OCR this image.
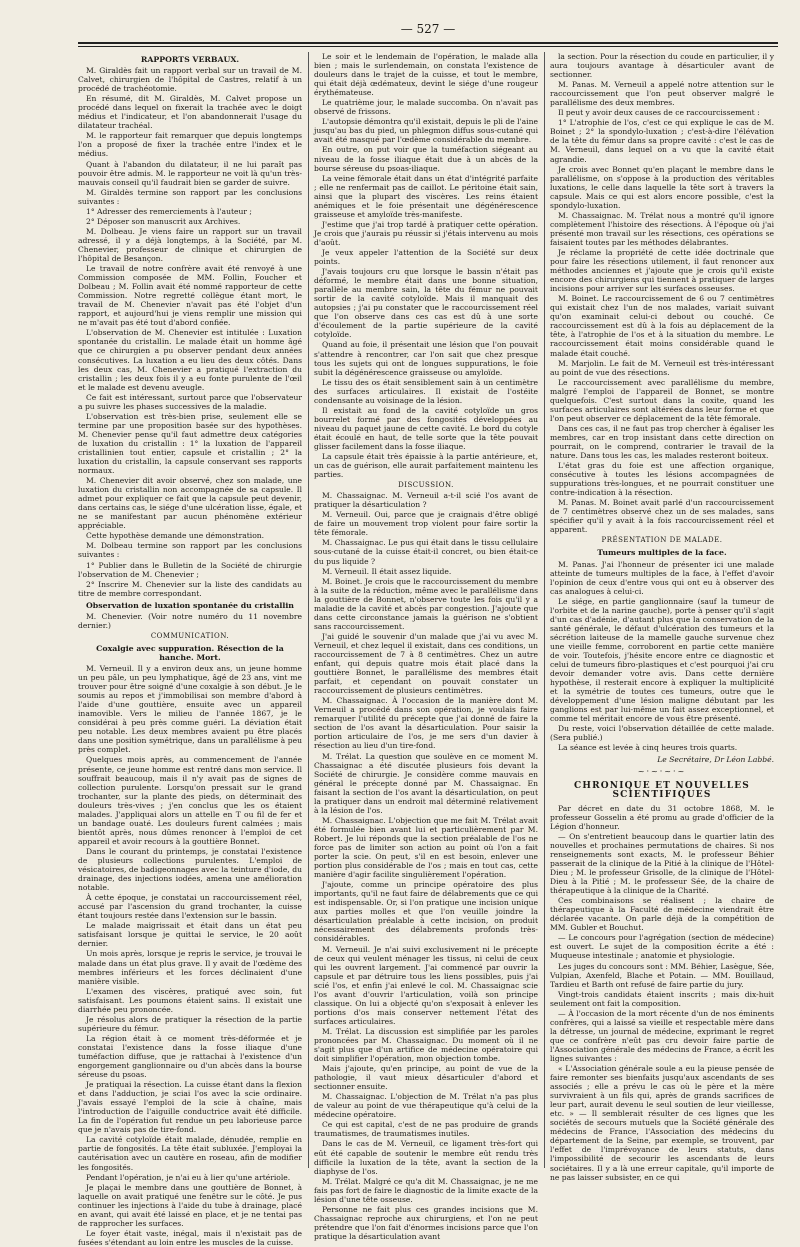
— 527 —
RAPPORTS VERBAUX.
M. Giraldès fait un rapport verbal sur un travail de M. Calvet, chirurgien de l'hôpital de Castres, relatif à un procédé de trachéotomie.
En résumé, dit M. Giraldès, M. Calvet propose un procédé dans lequel on fixerait la trachée avec le doigt médius et l'indicateur, et l'on abandonnerait l'usage du dilatateur trachéal.
M. le rapporteur fait remarquer que depuis longtemps l'on a proposé de fixer la trachée entre l'index et le médius.
Quant à l'abandon du dilatateur, il ne lui paraît pas pouvoir être admis. M. le rapporteur ne voit là qu'un très-mauvais conseil qu'il faudrait bien se garder de suivre.
M. Giraldès termine son rapport par les conclusions suivantes :
1° Adresser des remerciements à l'auteur ;
2° Déposer son manuscrit aux Archives.
M. Dolbeau. Je viens faire un rapport sur un travail adressé, il y a déjà longtemps, à la Société, par M. Chenevier, professeur de clinique et chirurgien de l'hôpital de Besançon.
Le travail de notre confrère avait été renvoyé à une Commission composée de MM. Follin, Foucher et Dolbeau ; M. Follin avait été nommé rapporteur de cette Commission. Notre regretté collègue étant mort, le travail de M. Chenevier n'avait pas été l'objet d'un rapport, et aujourd'hui je viens remplir une mission qui ne m'avait pas été tout d'abord confiée.
L'observation de M. Chenevier est intitulée : Luxation spontanée du cristallin. Le malade était un homme âgé que ce chirurgien a pu observer pendant deux années consécutives. La luxation a eu lieu des deux côtés. Dans les deux cas, M. Chenevier a pratiqué l'extraction du cristallin ; les deux fois il y a eu fonte purulente de l'œil et le malade est devenu aveugle.
Ce fait est intéressant, surtout parce que l'observateur a pu suivre les phases successives de la maladie.
L'observation est très-bien prise, seulement elle se termine par une proposition basée sur des hypothèses. M. Chenevier pense qu'il faut admettre deux catégories de luxation du cristallin : 1° la luxation de l'appareil cristallinien tout entier, capsule et cristallin ; 2° la luxation du cristallin, la capsule conservant ses rapports normaux.
M. Chenevier dit avoir observé, chez son malade, une luxation du cristallin non accompagnée de sa capsule. Il admet pour expliquer ce fait que la capsule peut devenir, dans certains cas, le siége d'une ulcération lisse, égale, et ne se manifestant par aucun phénomène extérieur appréciable.
Cette hypothèse demande une démonstration.
M. Dolbeau termine son rapport par les conclusions suivantes :
1° Publier dans le Bulletin de la Société de chirurgie l'observation de M. Chenevier ;
2° Inscrire M. Chenevier sur la liste des candidats au titre de membre correspondant.
Observation de luxation spontanée du cristallin
M. Chenevier. (Voir notre numéro du 11 novembre dernier.)
COMMUNICATION.
Coxalgie avec suppuration. Résection de la hanche. Mort.
M. Verneuil. Il y a environ deux ans, un jeune homme un peu pâle, un peu lymphatique, âgé de 23 ans, vint me trouver pour être soigné d'une coxalgie à son début. Je le soumis au repos et j'immobilisai son membre d'abord à l'aide d'une gouttière, ensuite avec un appareil inamovible. Vers le milieu de l'année 1867, je le considérai à peu près comme guéri. La déviation était peu notable. Les deux membres avaient pu être placés dans une position symétrique, dans un parallélisme à peu près complet.
Quelques mois après, au commencement de l'année présente, ce jeune homme est rentré dans mon service. Il souffrait beaucoup, mais il n'y avait pas de signes de collection purulente. Lorsqu'on pressait sur le grand trochanter, sur la plante des pieds, on déterminait des douleurs très-vives ; j'en conclus que les os étaient malades. J'appliquai alors un attelle en T ou fil de fer et un bandage ouaté. Les douleurs furent calmées ; mais bientôt après, nous dûmes renoncer à l'emploi de cet appareil et avoir recours à la gouttière Bonnet.
Dans le courant du printemps, je constatai l'existence de plusieurs collections purulentes. L'emploi de vésicatoires, de badigeonnages avec la teinture d'iode, du drainage, des injections iodées, amena une amélioration notable.
À cette époque, je constatai un raccourcissement réel, accusé par l'ascension du grand trochanter, la cuisse étant toujours restée dans l'extension sur le bassin.
Le malade maigrissait et était dans un état peu satisfaisant lorsque je quittai le service, le 20 août dernier.
Un mois après, lorsque je repris le service, je trouvai le malade dans un état plus grave. Il y avait de l'œdème des membres inférieurs et les forces déclinaient d'une manière visible.
L'examen des viscères, pratiqué avec soin, fut satisfaisant. Les poumons étaient sains. Il existait une diarrhée peu prononcée.
Je résolus alors de pratiquer la résection de la partie supérieure du fémur.
La région était à ce moment très-déformée et je constatai l'existence dans la fosse iliaque d'une tuméfaction diffuse, que je rattachai à l'existence d'un engorgement ganglionnaire ou d'un abcès dans la bourse séreuse du psoas.
Je pratiquai la résection. La cuisse étant dans la flexion et dans l'adduction, je sciai l'os avec la scie ordinaire. J'avais essayé l'emploi de la scie à chaîne, mais l'introduction de l'aiguille conductrice avait été difficile. La fin de l'opération fut rendue un peu laborieuse parce que je n'avais pas de tire-fond.
La cavité cotyloïde était malade, dénudée, remplie en partie de fongosités. La tête était subluxée. J'employai la cautérisation avec un cautère en roseau, afin de modifier les fongosités.
Pendant l'opération, je n'ai eu à lier qu'une artériole.
Je plaçai le membre dans une gouttière de Bonnet, à laquelle on avait pratiqué une fenêtre sur le côté. Je pus continuer les injections à l'aide du tube à drainage, placé en avant, qui avait été laissé en place, et je ne tentai pas de rapprocher les surfaces.
Le foyer était vaste, inégal, mais il n'existait pas de fusées s'étendant au loin entre les muscles de la cuisse.
Le soir et le lendemain de l'opération, le malade alla bien ; mais le surlendemain, on constata l'existence de douleurs dans le trajet de la cuisse, et tout le membre, qui était déjà œdémateux, devint le siége d'une rougeur érythémateuse.
Le quatrième jour, le malade succomba. On n'avait pas observé de frissons.
L'autopsie démontra qu'il existait, depuis le pli de l'aine jusqu'au bas du pied, un phlegmon diffus sous-cutané qui avait été masqué par l'œdème considérable du membre.
En outre, on put voir que la tuméfaction siégeant au niveau de la fosse iliaque était due à un abcès de la bourse séreuse du psoas-iliaque.
La veine fémorale était dans un état d'intégrité parfaite ; elle ne renfermait pas de caillot. Le péritoine était sain, ainsi que la plupart des viscères. Les reins étaient anémiques et le foie présentait une dégénérescence graisseuse et amyloïde très-manifeste.
J'estime que j'ai trop tardé à pratiquer cette opération. Je crois que j'aurais pu réussir si j'étais intervenu au mois d'août.
Je veux appeler l'attention de la Société sur deux points.
J'avais toujours cru que lorsque le bassin n'était pas déformé, le membre était dans une bonne situation, parallèle au membre sain, la tête du fémur ne pouvait sortir de la cavité cotyloïde. Mais il manquait des autopsies ; j'ai pu constater que le raccourcissement réel que l'on observe dans ces cas est dû à une sorte d'écoulement de la partie supérieure de la cavité cotyloïde.
Quand au foie, il présentait une lésion que l'on pouvait s'attendre à rencontrer, car l'on sait que chez presque tous les sujets qui ont de longues suppurations, le foie subit la dégénérescence graisseuse ou amyloïde.
Le tissu des os était sensiblement sain à un centimètre des surfaces articulaires. Il existait de l'ostéite condensante au voisinage de la lésion.
Il existait au fond de la cavité cotyloïde un gros bourrelet formé par des fongosités développées au niveau du paquet jaune de cette cavité. Le bord du cotyle était écoulé en haut, de telle sorte que la tête pouvait glisser facilement dans la fosse iliaque.
La capsule était très épaissie à la partie antérieure, et, un cas de guérison, elle aurait parfaitement maintenu les parties.
DISCUSSION.
M. Chassaignac. M. Verneuil a-t-il scié l'os avant de pratiquer la désarticulation ?
M. Verneuil. Oui, parce que je craignais d'être obligé de faire un mouvement trop violent pour faire sortir la tête fémorale.
M. Chassaignac. Le pus qui était dans le tissu cellulaire sous-cutané de la cuisse était-il concret, ou bien était-ce du pus liquide ?
M. Verneuil. Il était assez liquide.
M. Boinet. Je crois que le raccourcissement du membre à la suite de la réduction, même avec le parallélisme dans la gouttière de Bonnet, n'observe toute les fois qu'il y a maladie de la cavité et abcès par congestion. J'ajoute que dans cette circonstance jamais la guérison ne s'obtient sans raccourcissement.
J'ai guidé le souvenir d'un malade que j'ai vu avec M. Verneuil, et chez lequel il existait, dans ces conditions, un raccourcissement de 7 à 8 centimètres. Chez un autre enfant, qui depuis quatre mois était placé dans la gouttière Bonnet, le parallélisme des membres était parfait, et cependant on pouvait constater un raccourcissement de plusieurs centimètres.
M. Chassaignac. À l'occasion de la manière dont M. Verneuil a procédé dans son opération, je voulais faire remarquer l'utilité du précepte que j'ai donné de faire la section de l'os avant la désarticulation. Pour saisir la portion articulaire de l'os, je me sers d'un davier à résection au lieu d'un tire-fond.
M. Trélat. La question que soulève en ce moment M. Chassaignac a été discutée plusieurs fois devant la Société de chirurgie. Je considère comme mauvais en général le précepte donné par M. Chassaignac. En faisant la section de l'os avant la désarticulation, on peut la pratiquer dans un endroit mal déterminé relativement à la lésion de l'os.
M. Chassaignac. L'objection que me fait M. Trélat avait été formulée bien avant lui et particulièrement par M. Robert. Je lui réponds que la section préalable de l'os ne force pas de limiter son action au point où l'on a fait porter la scie. On peut, s'il en est besoin, enlever une portion plus considérable de l'os ; mais en tout cas, cette manière d'agir facilite singulièrement l'opération.
J'ajoute, comme un principe opératoire des plus importants, qu'il ne faut faire de délabrements que ce qui est indispensable. Or, si l'on pratique une incision unique aux parties molles et que l'on veuille joindre la désarticulation préalable à cette incision, on produit nécessairement des délabrements profonds très-considérables.
M. Verneuil. Je n'ai suivi exclusivement ni le précepte de ceux qui veulent ménager les tissus, ni celui de ceux qui les ouvrent largement. J'ai commencé par ouvrir la capsule et par détruire tous les liens possibles, puis j'ai scié l'os, et enfin j'ai enlevé le col. M. Chassaignac scie l'os avant d'ouvrir l'articulation, voilà son principe classique. On lui a objecté qu'on s'exposait à enlever les portions d'os mais conserver nettement l'état des surfaces articulaires.
M. Trélat. La discussion est simplifiée par les paroles prononcées par M. Chassaignac. Du moment où il ne s'agit plus que d'un artifice de médecine opératoire qui doit simplifier l'opération, mon objection tombe.
Mais j'ajoute, qu'en principe, au point de vue de la pathologie, il vaut mieux désarticuler d'abord et sectionner ensuite.
M. Chassaignac. L'objection de M. Trélat n'a pas plus de valeur au point de vue thérapeutique qu'à celui de la médecine opératoire.
Ce qui est capital, c'est de ne pas produire de grands traumatismes, de traumatismes inutiles.
Dans le cas de M. Verneuil, ce ligament très-fort qui eût été capable de soutenir le membre eût rendu très difficile la luxation de la tête, avant la section de la diaphyse de l'os.
M. Trélat. Malgré ce qu'a dit M. Chassaignac, je ne me fais pas fort de faire le diagnostic de la limite exacte de la lésion d'une tête osseuse.
Personne ne fait plus ces grandes incisions que M. Chassaignac reproche aux chirurgiens, et l'on ne peut prétendre que l'on fait d'énormes incisions parce que l'on pratique la désarticulation avant
la section. Pour la résection du coude en particulier, il y aura toujours avantage à désarticuler avant de sectionner.
M. Panas. M. Verneuil a appelé notre attention sur le raccourcissement que l'on peut observer malgré le parallélisme des deux membres.
Il peut y avoir deux causes de ce raccourcissement :
1° L'atrophie de l'os, c'est ce qui explique le cas de M. Boinet ; 2° la spondylo-luxation ; c'est-à-dire l'élévation de la tête du fémur dans sa propre cavité : c'est le cas de M. Verneuil, dans lequel on a vu que la cavité était agrandie.
Je crois avec Bonnet qu'en plaçant le membre dans le parallélisme, on s'oppose à la production des véritables luxations, le celle dans laquelle la tête sort à travers la capsule. Mais ce qui est alors encore possible, c'est la spondylo-luxation.
M. Chassaignac. M. Trélat nous a montré qu'il ignore complètement l'histoire des résections. À l'époque où j'ai présenté mon travail sur les résections, ces opérations se faisaient toutes par les méthodes délabrantes.
Je réclame la propriété de cette idée doctrinale que pour faire les résections utilement, il faut renoncer aux méthodes anciennes et j'ajoute que je crois qu'il existe encore des chirurgiens qui tiennent à pratiquer de larges incisions pour arriver sur les surfaces osseuses.
M. Boinet. Le raccourcissement de 6 ou 7 centimètres qui existait chez l'un de nos malades, variait suivant qu'on examinait celui-ci debout ou couché. Ce raccourcissement est dû à la fois au déplacement de la tête, à l'atrophie de l'os et à la situation du membre. Le raccourcissement était moins considérable quand le malade était couché.
M. Marjolin. Le fait de M. Verneuil est très-intéressant au point de vue des résections.
Le raccourcissement avec parallélisme du membre, malgré l'emploi de l'appareil de Bonnet, se montre quelquefois. C'est surtout dans la coxite, quand les surfaces articulaires sont altérées dans leur forme et que l'on peut observer ce déplacement de la tête fémorale.
Dans ces cas, il ne faut pas trop chercher à égaliser les membres, car en trop insistant dans cette direction on pourrait, on le comprend, contrarier le travail de la nature. Dans tous les cas, les malades resteront boiteux.
L'état gras du foie est une affection organique, consécutive à toutes les lésions accompagnées de suppurations très-longues, et ne pourrait constituer une contre-indication à la résection.
M. Panas. M. Boinet avait parlé d'un raccourcissement de 7 centimètres observé chez un de ses malades, sans spécifier qu'il y avait à la fois raccourcissement réel et apparent.
PRÉSENTATION DE MALADE.
Tumeurs multiples de la face.
M. Panas. J'ai l'honneur de présenter ici une malade atteinte de tumeurs multiples de la face, à l'effet d'avoir l'opinion de ceux d'entre vous qui ont eu à observer des cas analogues à celui-ci.
Le siége, en partie ganglionnaire (sauf la tumeur de l'orbite et de la narine gauche), porte à penser qu'il s'agit d'un cas d'adénie, d'autant plus que la conservation de la santé générale, le défaut d'ulcération des tumeurs et la sécrétion laiteuse de la mamelle gauche survenue chez une vieille femme, corroborent en partie cette manière de voir. Toutefois, j'hésite encore entre ce diagnostic et celui de tumeurs fibro-plastiques et c'est pourquoi j'ai cru devoir demander votre avis. Dans cette dernière hypothèse, il resterait encore à expliquer la multiplicité et la symétrie de toutes ces tumeurs, outre que le développement d'une lésion maligne débutant par les ganglions est par lui-même un fait assez exceptionnel, et comme tel méritait encore de vous être présenté.
Du reste, voici l'observation détaillée de cette malade. (Sera publié.)
La séance est levée à cinq heures trois quarts.
Le Secrétaire, Dr Léon Labbé.
~·~·~·~
CHRONIQUE ET NOUVELLES SCIENTIFIQUES
Par décret en date du 31 octobre 1868, M. le professeur Gosselin a été promu au grade d'officier de la Légion d'honneur.
— On s'entretient beaucoup dans le quartier latin des nouvelles et prochaines permutations de chaires. Si nos renseignements sont exacts, M. le professeur Béhier passerait de la clinique de la Pitié à la clinique de l'Hôtel-Dieu ; M. le professeur Grisolle, de la clinique de l'Hôtel-Dieu à la Pitié ; M. le professeur Sée, de la chaire de thérapeutique à la clinique de la Charité.
Ces combinaisons se réalisent ; la chaire de thérapeutique à la Faculté de médecine viendrait être déclarée vacante. On parle déjà de la compétition de MM. Gubler et Bouchut.
— Le concours pour l'agrégation (section de médecine) est ouvert. Le sujet de la composition écrite a été : Muqueuse intestinale ; anatomie et physiologie.
Les juges du concours sont : MM. Béhier, Lasègue, Sée, Vulpian, Axenfeld, Blache et Potain. — MM. Bouillaud, Tardieu et Barth ont refusé de faire partie du jury.
Vingt-trois candidats étaient inscrits ; mais dix-huit seulement ont fait la composition.
— À l'occasion de la mort récente d'un de nos éminents confrères, qui a laissé sa vieille et respectable mère dans la détresse, un journal de médecine, exprimant le regret que ce confrère n'eût pas cru devoir faire partie de l'Association générale des médecins de France, a écrit les lignes suivantes :
« L'Association générale soule a eu la pieuse pensée de faire remonter ses bienfaits jusqu'aux ascendants de ses associés ; elle a prévu le cas où le père et la mère survivraient à un fils qui, après de grands sacrifices de leur part, aurait devenu le seul soutien de leur vieillesse, etc. » — Il semblerait résulter de ces lignes que les sociétés de secours mutuels que la Société générale des médecins de France, l'Association des médecins du département de la Seine, par exemple, se trouvent, par l'effet de l'imprévoyance de leurs statuts, dans l'impossibilité de secourir les ascendants de leurs sociétaires. Il y a là une erreur capitale, qu'il importe de ne pas laisser subsister, en ce qui
